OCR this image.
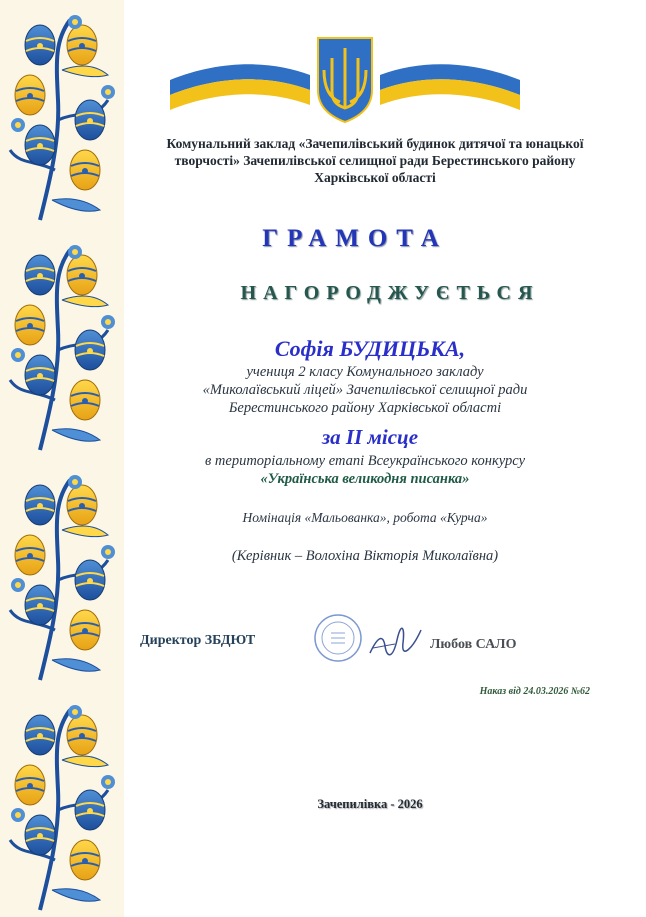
Комунальний заклад «Зачепилівський будинок дитячої та юнацької
творчості» Зачепилівської селищної ради Берестинського району
Харківської області
ГРАМОТА
НАГОРОДЖУЄТЬСЯ
Софія БУДИЦЬКА,
учениця 2 класу Комунального закладу
«Миколаївський ліцей» Зачепилівської селищної ради
Берестинського району Харківської області
за ІІ місце
в територіальному етапі Всеукраїнського конкурсу
«Українська великодня писанка»
Номінація «Мальованка», робота «Курча»
(Керівник – Волохіна Вікторія Миколаївна)
Директор ЗБДЮТ	Любов САЛО
Наказ від 24.03.2026 №62
Зачепилівка - 2026
